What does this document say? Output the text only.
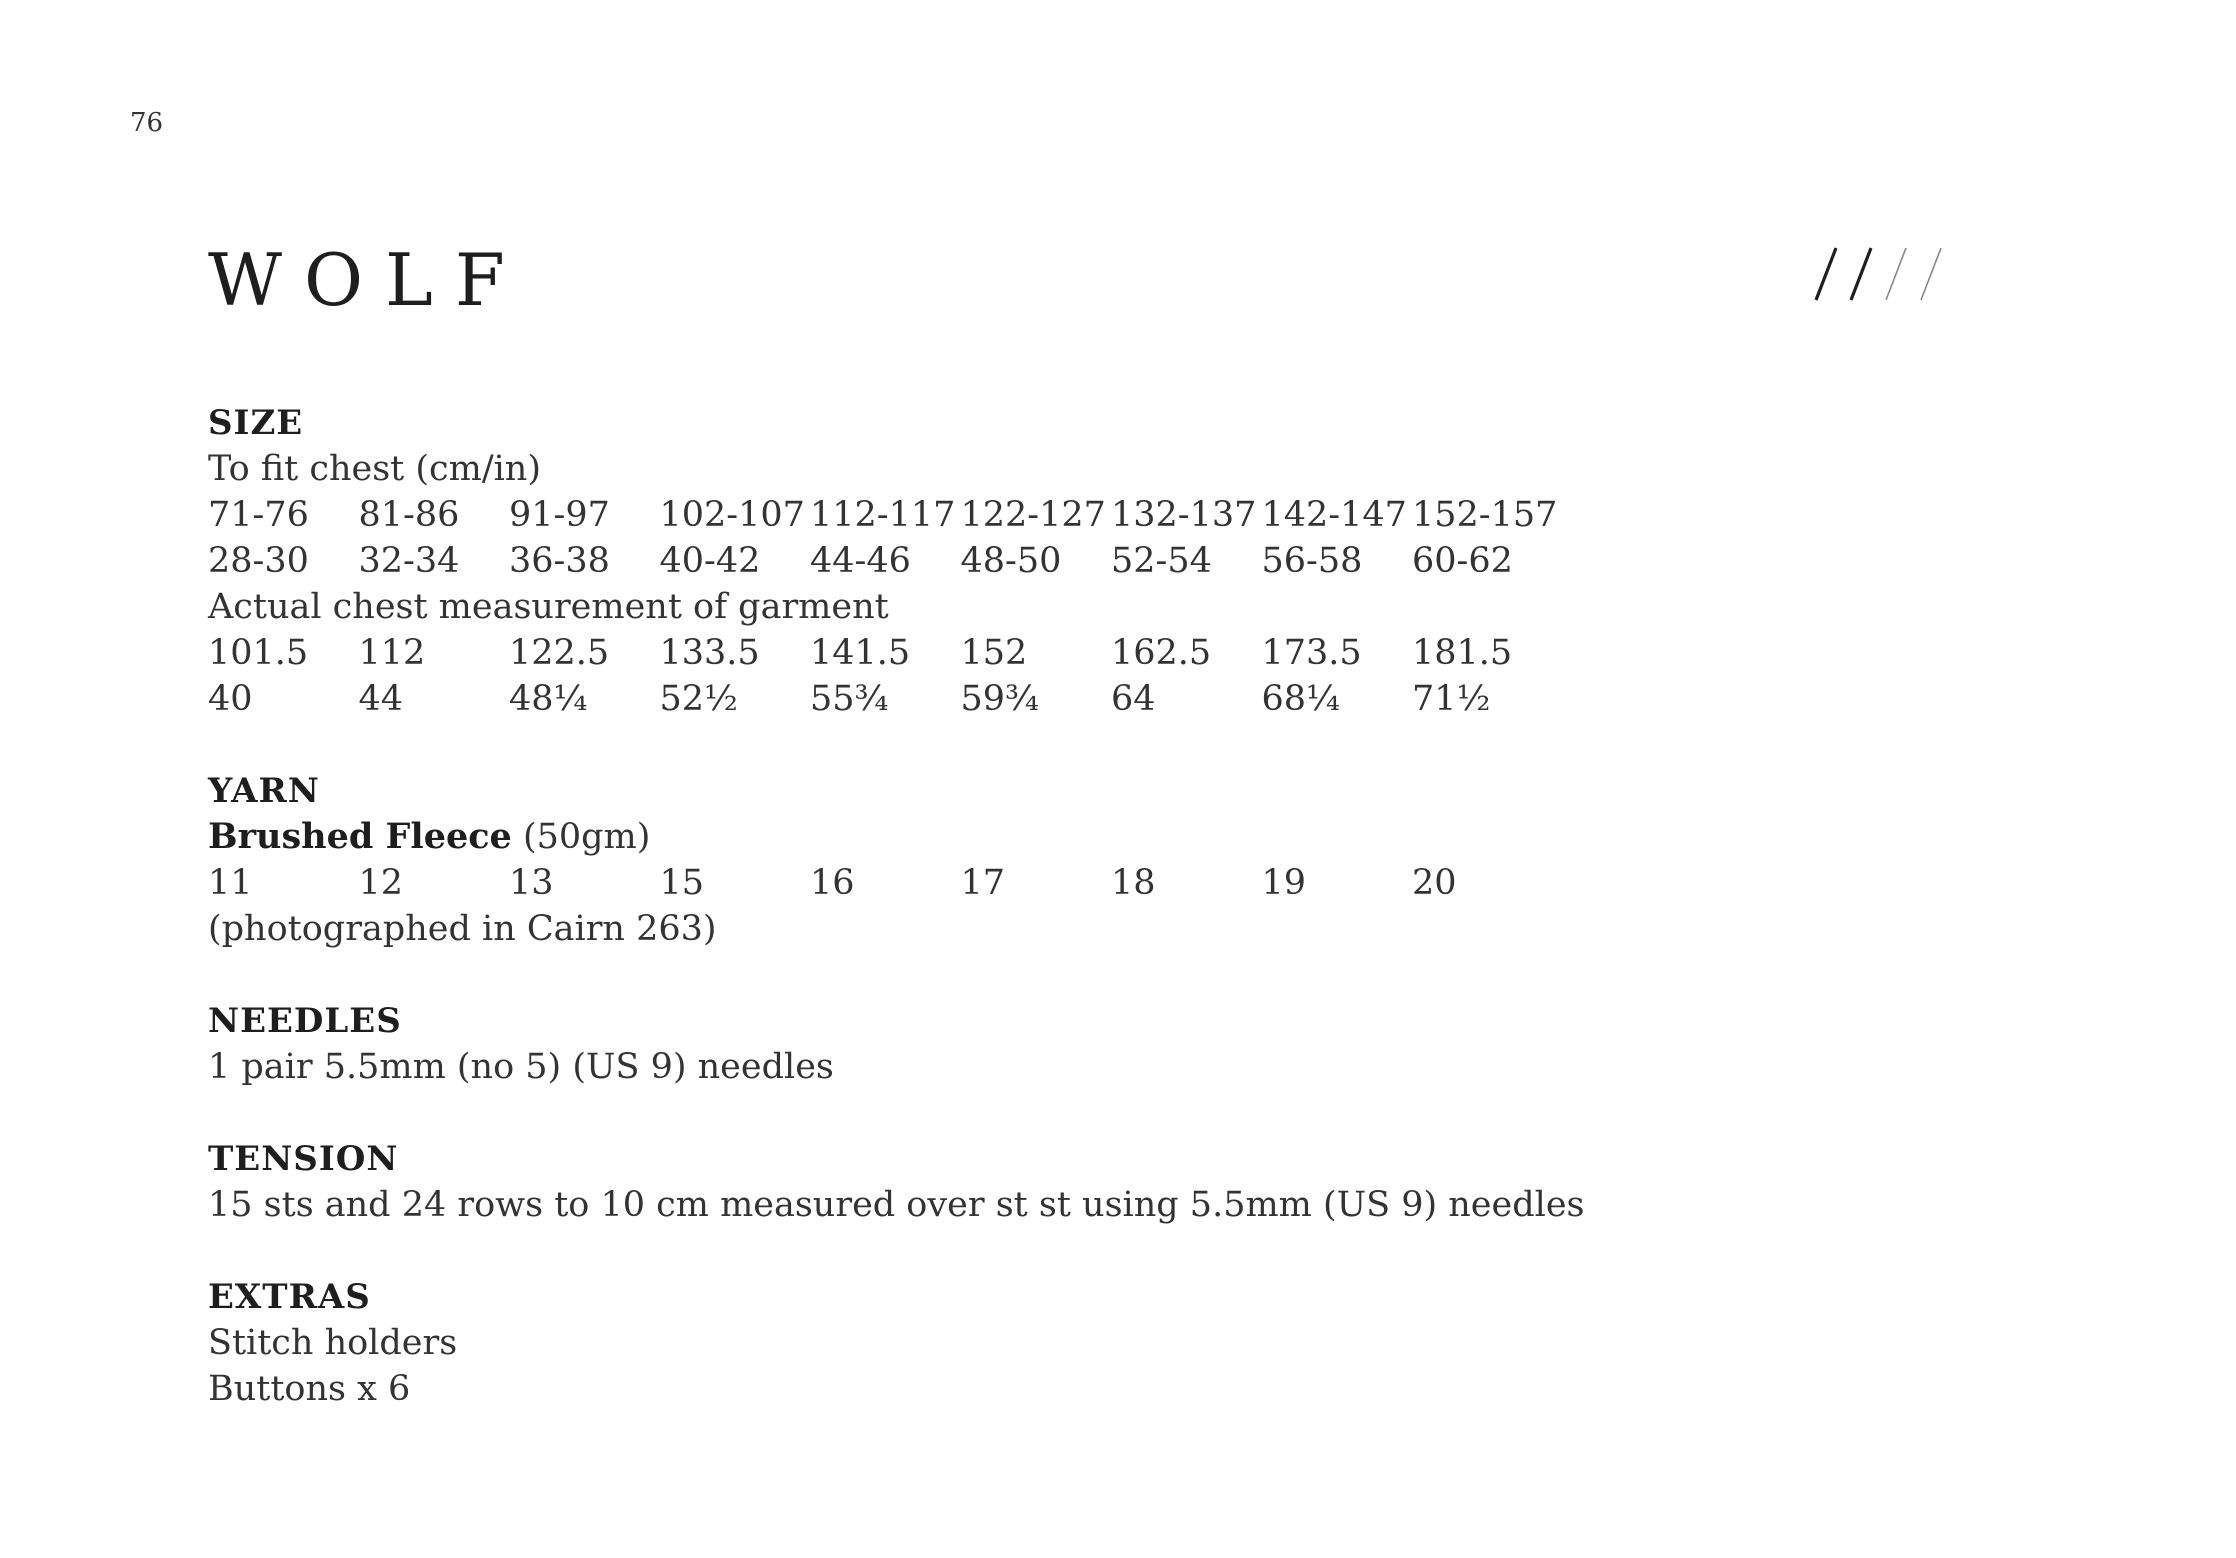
76
WOLF
SIZE
To fit chest (cm/in)
71-76	81-86	91-97	102-107 112-117 122-127 132-137 142-147 152-157
28-30	32-34	36-38	40-42	44-46	48-50	52-54	56-58	60-62
Actual chest measurement of garment
101.5	112	122.5	133.5	141.5	152	162.5	173.5	181.5
40	44	48¼	52½	55¾	59¾	64	68¼	71½
YARN
Brushed Fleece (50gm)
11	12	13	15	16	17	18	19	20
(photographed in Cairn 263)
NEEDLES
1 pair 5.5mm (no 5) (US 9) needles
TENSION
15 sts and 24 rows to 10 cm measured over st st using 5.5mm (US 9) needles
EXTRAS
Stitch holders
Buttons x 6
